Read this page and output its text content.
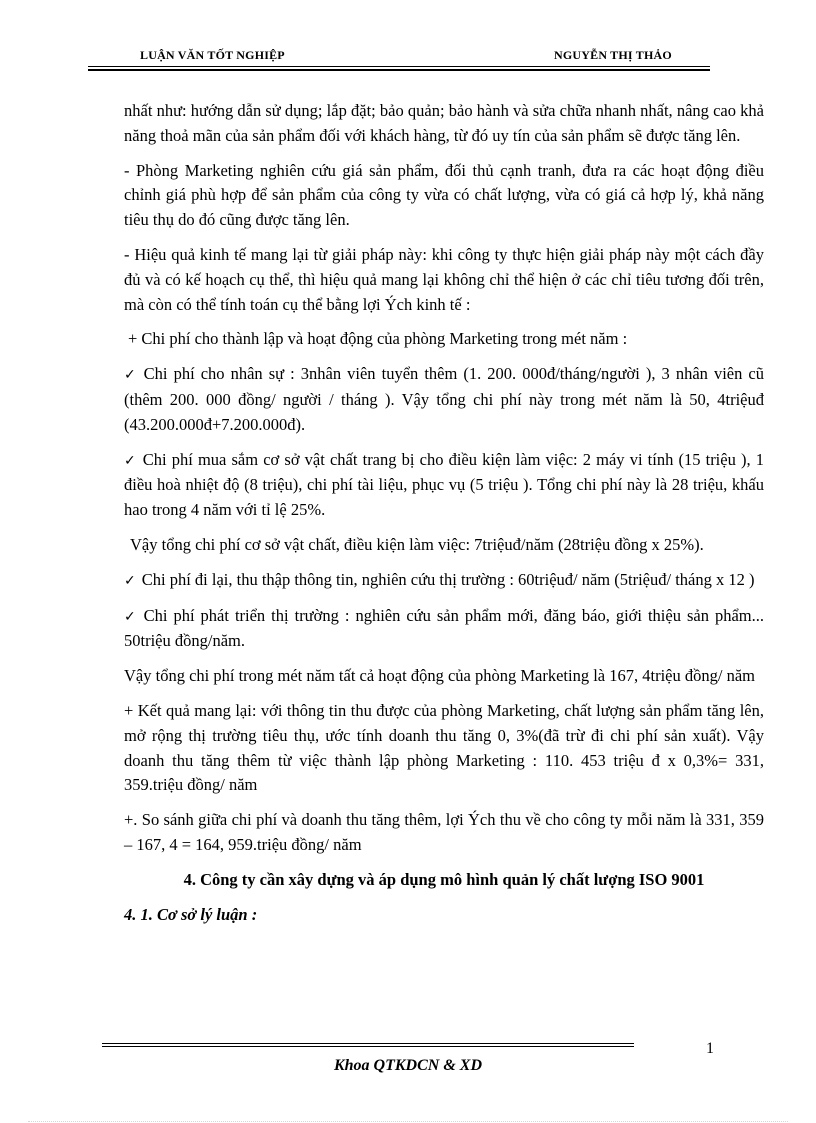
LUẬN VĂN TỐT NGHIỆP	NGUYỄN THỊ THẢO

nhất như: hướng dẫn sử dụng; lắp đặt; bảo quản; bảo hành và sửa chữa nhanh nhất, nâng cao khả năng thoả mãn của sản phẩm đối với khách hàng, từ đó uy tín của sản phẩm sẽ được tăng lên.

- Phòng Marketing nghiên cứu giá sản phẩm, đối thủ cạnh tranh, đưa ra các hoạt động điều chỉnh giá phù hợp để sản phẩm của công ty vừa có chất lượng, vừa có giá cả hợp lý, khả năng tiêu thụ do đó cũng được tăng lên.

- Hiệu quả kinh tế mang lại từ giải pháp này: khi công ty thực hiện giải pháp này một cách đầy đủ và có kế hoạch cụ thể, thì hiệu quả mang lại không chỉ thể hiện ở các chỉ tiêu tương đối trên, mà còn có thể tính toán cụ thể bằng lợi Ých kinh tế :

+ Chi phí cho thành lập và hoạt động của phòng Marketing trong mét năm :

✓ Chi phí cho nhân sự : 3nhân viên tuyển thêm (1. 200. 000đ/tháng/người ), 3 nhân viên cũ (thêm 200. 000 đồng/ người / tháng ). Vậy tổng chi phí này trong mét năm là 50, 4triệuđ (43.200.000đ+7.200.000đ).

✓ Chi phí mua sắm cơ sở vật chất trang bị cho điều kiện làm việc: 2 máy vi tính (15 triệu ), 1 điều hoà nhiệt độ (8 triệu), chi phí tài liệu, phục vụ (5 triệu ). Tổng chi phí này là 28 triệu, khấu hao trong 4 năm với tỉ lệ 25%.

Vậy tổng chi phí cơ sở vật chất, điều kiện làm việc: 7triệuđ/năm (28triệu đồng x 25%).

✓ Chi phí đi lại, thu thập thông tin, nghiên cứu thị trường : 60triệuđ/ năm (5triệuđ/ tháng x 12 )

✓ Chi phí phát triển thị trường : nghiên cứu sản phẩm mới, đăng báo, giới thiệu sản phẩm... 50triệu đồng/năm.

Vậy tổng chi phí trong mét năm tất cả hoạt động của phòng Marketing là 167, 4triệu đồng/ năm

+ Kết quả mang lại: với thông tin thu được của phòng Marketing, chất lượng sản phẩm tăng lên, mở rộng thị trường tiêu thụ, ước tính doanh thu tăng 0, 3%(đã trừ đi chi phí sản xuất). Vậy doanh thu tăng thêm từ việc thành lập phòng Marketing : 110. 453 triệu đ x 0,3%= 331, 359.triệu đồng/ năm

+. So sánh giữa chi phí và doanh thu tăng thêm, lợi Ých thu về cho công ty mỗi năm là 331, 359 – 167, 4 = 164, 959.triệu đồng/ năm

4. Công ty cần xây dựng và áp dụng mô hình quản lý chất lượng ISO 9001

4. 1. Cơ sở lý luận :

1
Khoa QTKDCN & XD
